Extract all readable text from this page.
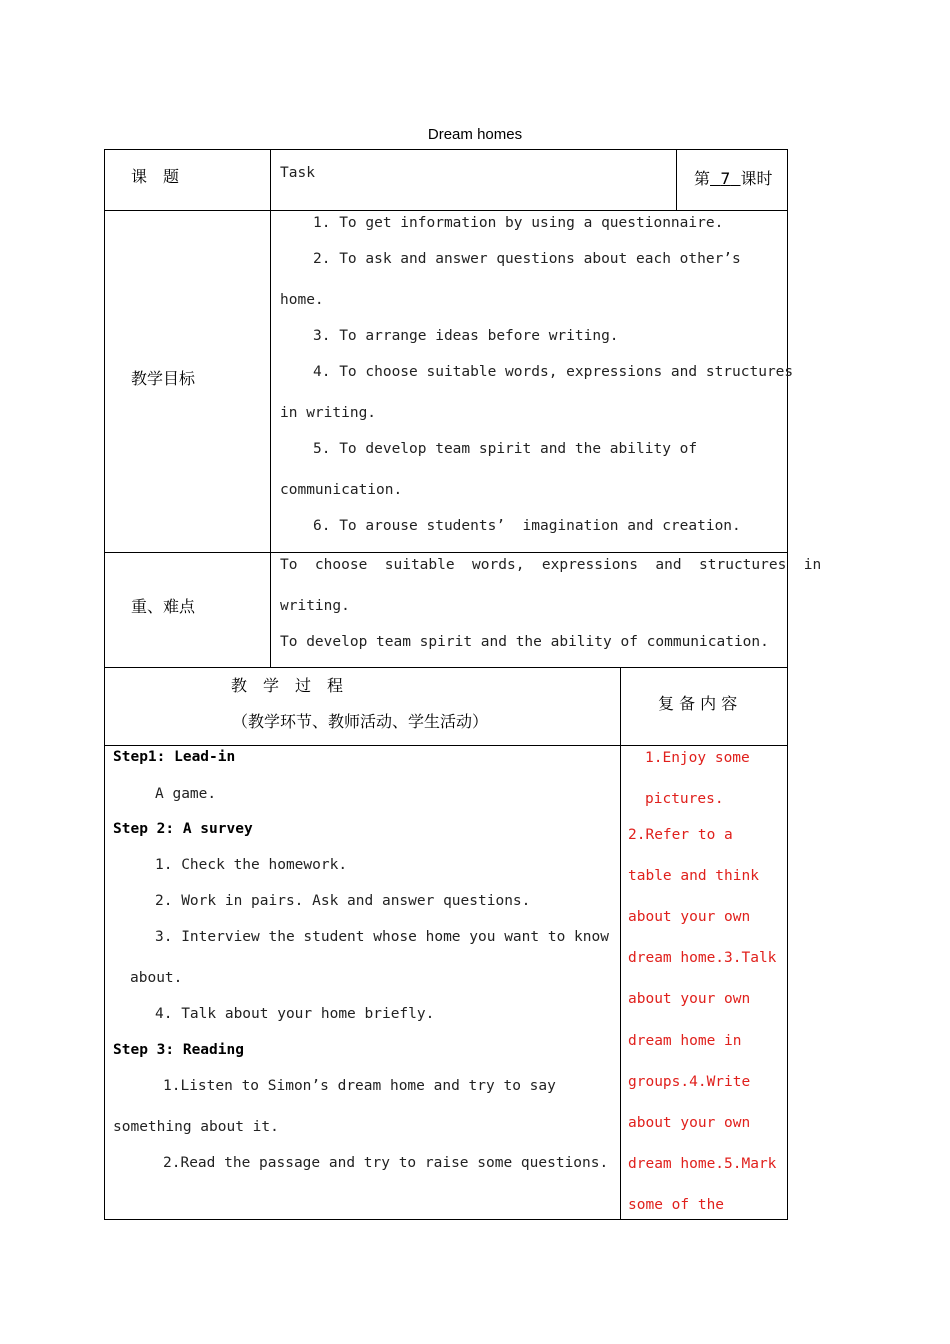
Dream homes
课　题	Task	第 7 课时
教学目标
1. To get information by using a questionnaire.
2. To ask and answer questions about each other’s
home.
3. To arrange ideas before writing.
4. To choose suitable words, expressions and structures
in writing.
5. To develop team spirit and the ability of
communication.
6. To arouse students’  imagination and creation.
重、难点
To  choose  suitable  words,  expressions  and  structures  in
writing.
To develop team spirit and the ability of communication.
教　学　过　程
（教学环节、教师活动、学生活动）
复 备 内 容
Step1: Lead-in
A game.
Step 2: A survey
1. Check the homework.
2. Work in pairs. Ask and answer questions.
3. Interview the student whose home you want to know
about.
4. Talk about your home briefly.
Step 3: Reading
1.Listen to Simon’s dream home and try to say
something about it.
2.Read the passage and try to raise some questions.
1.Enjoy some
pictures.
2.Refer to a
table and think
about your own
dream home.3.Talk
about your own
dream home in
groups.4.Write
about your own
dream home.5.Mark
some of the
